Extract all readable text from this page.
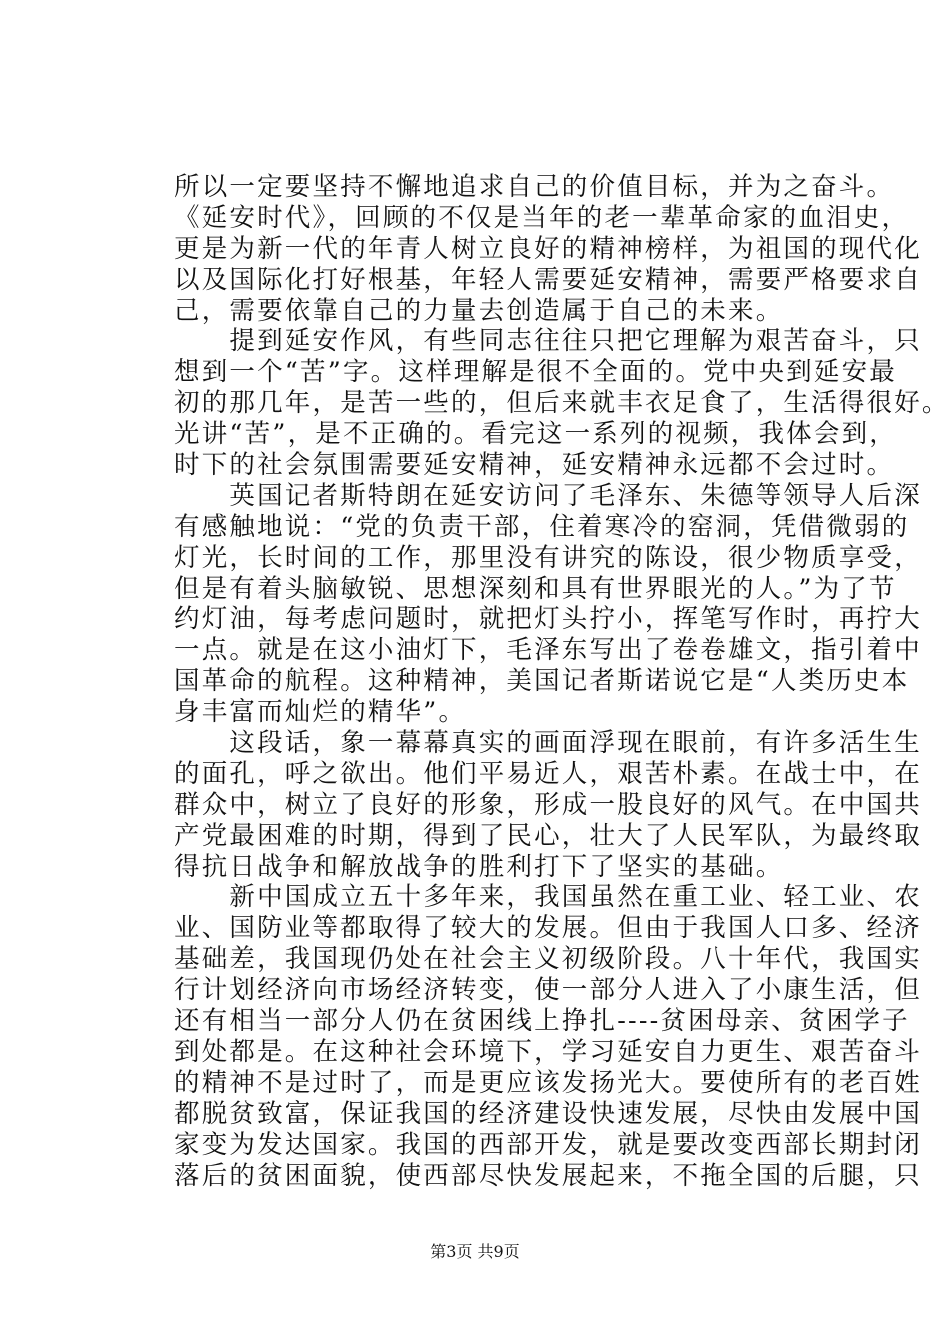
所以一定要坚持不懈地追求自己的价值目标，并为之奋斗。
《延安时代》，回顾的不仅是当年的老一辈革命家的血泪史，
更是为新一代的年青人树立良好的精神榜样，为祖国的现代化
以及国际化打好根基，年轻人需要延安精神，需要严格要求自
己，需要依靠自己的力量去创造属于自己的未来。
　　提到延安作风，有些同志往往只把它理解为艰苦奋斗，只
想到一个“苦”字。这样理解是很不全面的。党中央到延安最
初的那几年，是苦一些的，但后来就丰衣足食了，生活得很好。
光讲“苦”，是不正确的。看完这一系列的视频，我体会到，
时下的社会氛围需要延安精神，延安精神永远都不会过时。
　　英国记者斯特朗在延安访问了毛泽东、朱德等领导人后深
有感触地说：“党的负责干部，住着寒冷的窑洞，凭借微弱的
灯光，长时间的工作，那里没有讲究的陈设，很少物质享受，
但是有着头脑敏锐、思想深刻和具有世界眼光的人。”为了节
约灯油，每考虑问题时，就把灯头拧小，挥笔写作时，再拧大
一点。就是在这小油灯下，毛泽东写出了卷卷雄文，指引着中
国革命的航程。这种精神，美国记者斯诺说它是“人类历史本
身丰富而灿烂的精华”。
　　这段话，象一幕幕真实的画面浮现在眼前，有许多活生生
的面孔，呼之欲出。他们平易近人，艰苦朴素。在战士中，在
群众中，树立了良好的形象，形成一股良好的风气。在中国共
产党最困难的时期，得到了民心，壮大了人民军队，为最终取
得抗日战争和解放战争的胜利打下了坚实的基础。
　　新中国成立五十多年来，我国虽然在重工业、轻工业、农
业、国防业等都取得了较大的发展。但由于我国人口多、经济
基础差，我国现仍处在社会主义初级阶段。八十年代，我国实
行计划经济向市场经济转变，使一部分人进入了小康生活，但
还有相当一部分人仍在贫困线上挣扎----贫困母亲、贫困学子
到处都是。在这种社会环境下，学习延安自力更生、艰苦奋斗
的精神不是过时了，而是更应该发扬光大。要使所有的老百姓
都脱贫致富，保证我国的经济建设快速发展，尽快由发展中国
家变为发达国家。我国的西部开发，就是要改变西部长期封闭
落后的贫困面貌，使西部尽快发展起来，不拖全国的后腿，只
第3页 共9页
